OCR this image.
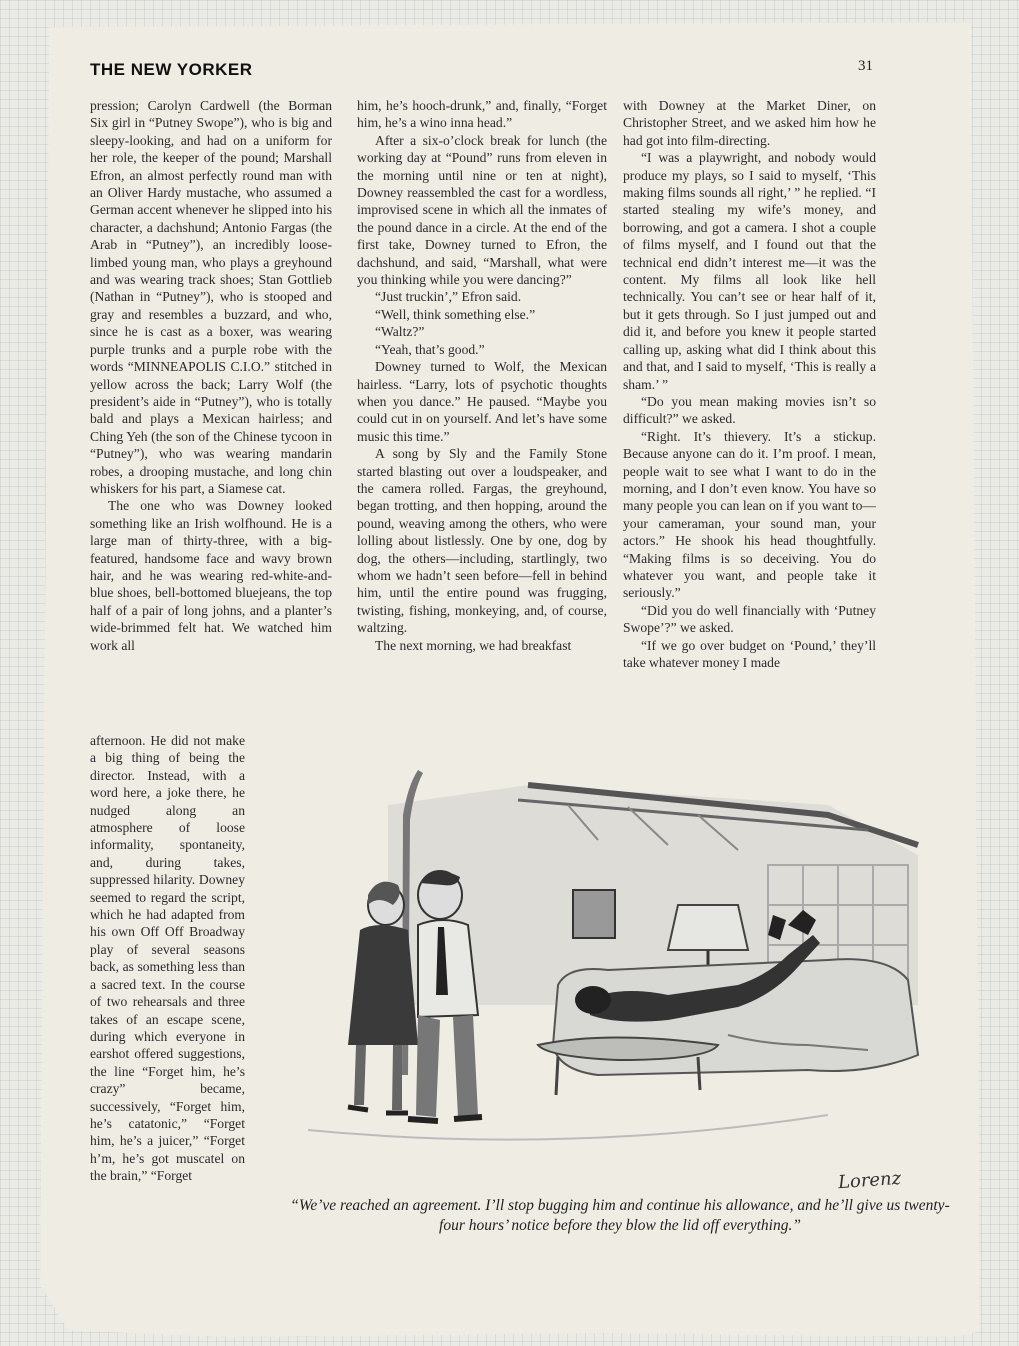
THE NEW YORKER	31

pression; Carolyn Cardwell (the Borman Six girl in “Putney Swope”), who is big and sleepy-looking, and had on a uniform for her role, the keeper of the pound; Marshall Efron, an almost perfectly round man with an Oliver Hardy mustache, who assumed a German accent whenever he slipped into his character, a dachshund; Antonio Fargas (the Arab in “Putney”), an incredibly loose-limbed young man, who plays a greyhound and was wearing track shoes; Stan Gottlieb (Nathan in “Putney”), who is stooped and gray and resembles a buzzard, and who, since he is cast as a boxer, was wearing purple trunks and a purple robe with the words “MINNEAPOLIS C.I.O.” stitched in yellow across the back; Larry Wolf (the president’s aide in “Putney”), who is totally bald and plays a Mexican hairless; and Ching Yeh (the son of the Chinese tycoon in “Putney”), who was wearing mandarin robes, a drooping mustache, and long chin whiskers for his part, a Siamese cat.

The one who was Downey looked something like an Irish wolfhound. He is a large man of thirty-three, with a big-featured, handsome face and wavy brown hair, and he was wearing red-white-and-blue shoes, bell-bottomed bluejeans, the top half of a pair of long johns, and a planter’s wide-brimmed felt hat. We watched him work all

afternoon. He did not make a big thing of being the director. Instead, with a word here, a joke there, he nudged along an atmosphere of loose informality, spontaneity, and, during takes, suppressed hilarity. Downey seemed to regard the script, which he had adapted from his own Off Off Broadway play of several seasons back, as something less than a sacred text. In the course of two rehearsals and three takes of an escape scene, during which everyone in earshot offered suggestions, the line “Forget him, he’s crazy” became, successively, “Forget him, he’s catatonic,” “Forget him, he’s a juicer,” “Forget h’m, he’s got muscatel on the brain,” “Forget

him, he’s hooch-drunk,” and, finally, “Forget him, he’s a wino inna head.”

After a six-o’clock break for lunch (the working day at “Pound” runs from eleven in the morning until nine or ten at night), Downey reassembled the cast for a wordless, improvised scene in which all the inmates of the pound dance in a circle. At the end of the first take, Downey turned to Efron, the dachshund, and said, “Marshall, what were you thinking while you were dancing?”

“Just truckin’,” Efron said.

“Well, think something else.”

“Waltz?”

“Yeah, that’s good.”

Downey turned to Wolf, the Mexican hairless. “Larry, lots of psychotic thoughts when you dance.” He paused. “Maybe you could cut in on yourself. And let’s have some music this time.”

A song by Sly and the Family Stone started blasting out over a loudspeaker, and the camera rolled. Fargas, the greyhound, began trotting, and then hopping, around the pound, weaving among the others, who were lolling about listlessly. One by one, dog by dog, the others—including, startlingly, two whom we hadn’t seen before—fell in behind him, until the entire pound was frugging, twisting, fishing, monkeying, and, of course, waltzing.

The next morning, we had breakfast

with Downey at the Market Diner, on Christopher Street, and we asked him how he had got into film-directing.

“I was a playwright, and nobody would produce my plays, so I said to myself, ‘This making films sounds all right,’ ” he replied. “I started stealing my wife’s money, and borrowing, and got a camera. I shot a couple of films myself, and I found out that the technical end didn’t interest me—it was the content. My films all look like hell technically. You can’t see or hear half of it, but it gets through. So I just jumped out and did it, and before you knew it people started calling up, asking what did I think about this and that, and I said to myself, ‘This is really a sham.’ ”

“Do you mean making movies isn’t so difficult?” we asked.

“Right. It’s thievery. It’s a stickup. Because anyone can do it. I’m proof. I mean, people wait to see what I want to do in the morning, and I don’t even know. You have so many people you can lean on if you want to—your cameraman, your sound man, your actors.” He shook his head thoughtfully. “Making films is so deceiving. You do whatever you want, and people take it seriously.”

“Did you do well financially with ‘Putney Swope’?” we asked.

“If we go over budget on ‘Pound,’ they’ll take whatever money I made

Lorenz
“We’ve reached an agreement. I’ll stop bugging him and continue his allowance, and he’ll give us twenty-four hours’ notice before they blow the lid off everything.”
